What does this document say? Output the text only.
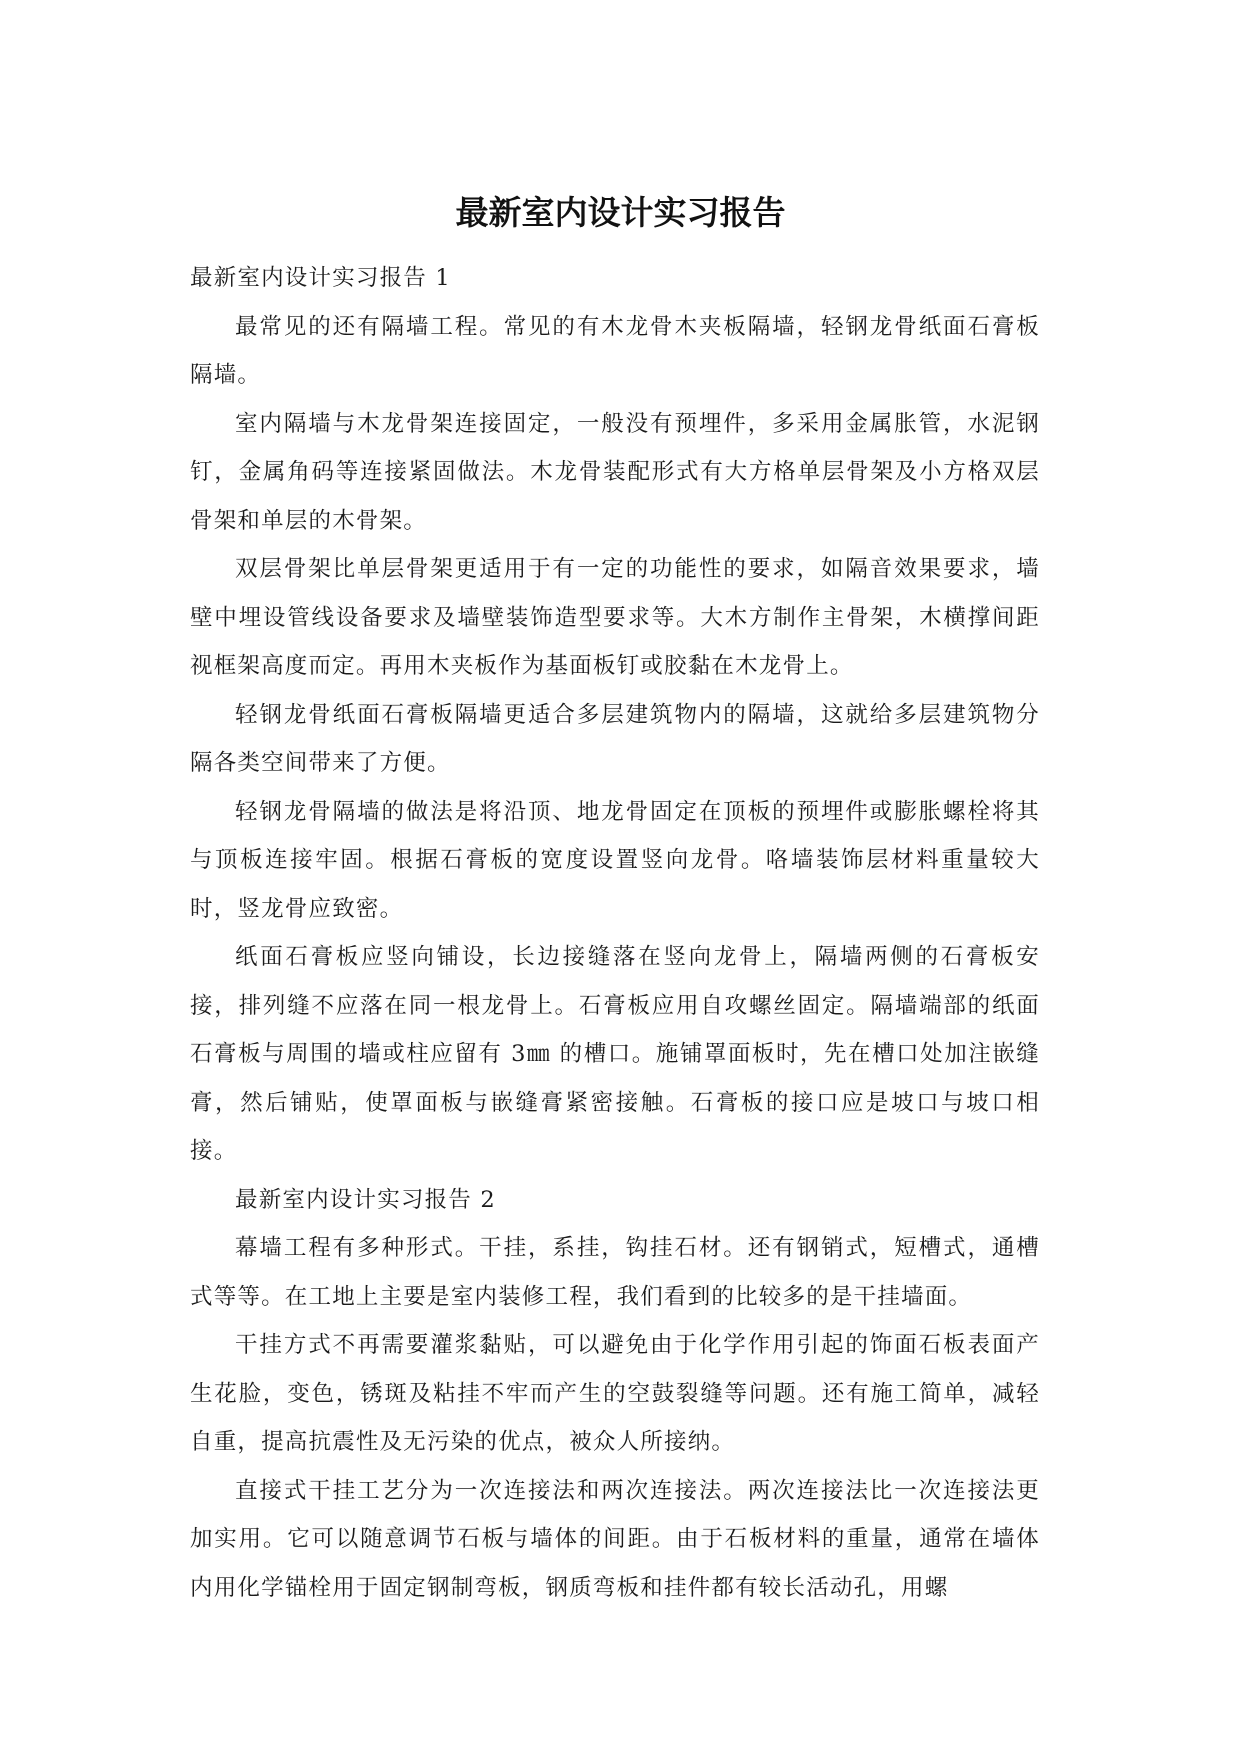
最新室内设计实习报告

最新室内设计实习报告 1

最常见的还有隔墙工程。常见的有木龙骨木夹板隔墙，轻钢龙骨纸面石膏板隔墙。

室内隔墙与木龙骨架连接固定，一般没有预埋件，多采用金属胀管，水泥钢钉，金属角码等连接紧固做法。木龙骨装配形式有大方格单层骨架及小方格双层骨架和单层的木骨架。

双层骨架比单层骨架更适用于有一定的功能性的要求，如隔音效果要求，墙壁中埋设管线设备要求及墙壁装饰造型要求等。大木方制作主骨架，木横撑间距视框架高度而定。再用木夹板作为基面板钉或胶黏在木龙骨上。

轻钢龙骨纸面石膏板隔墙更适合多层建筑物内的隔墙，这就给多层建筑物分隔各类空间带来了方便。

轻钢龙骨隔墙的做法是将沿顶、地龙骨固定在顶板的预埋件或膨胀螺栓将其与顶板连接牢固。根据石膏板的宽度设置竖向龙骨。咯墙装饰层材料重量较大时，竖龙骨应致密。

纸面石膏板应竖向铺设，长边接缝落在竖向龙骨上，隔墙两侧的石膏板安接，排列缝不应落在同一根龙骨上。石膏板应用自攻螺丝固定。隔墙端部的纸面石膏板与周围的墙或柱应留有 3㎜ 的槽口。施铺罩面板时，先在槽口处加注嵌缝膏，然后铺贴，使罩面板与嵌缝膏紧密接触。石膏板的接口应是坡口与坡口相接。

最新室内设计实习报告 2

幕墙工程有多种形式。干挂，系挂，钩挂石材。还有钢销式，短槽式，通槽式等等。在工地上主要是室内装修工程，我们看到的比较多的是干挂墙面。

干挂方式不再需要灌浆黏贴，可以避免由于化学作用引起的饰面石板表面产生花脸，变色，锈斑及粘挂不牢而产生的空鼓裂缝等问题。还有施工简单，减轻自重，提高抗震性及无污染的优点，被众人所接纳。

直接式干挂工艺分为一次连接法和两次连接法。两次连接法比一次连接法更加实用。它可以随意调节石板与墙体的间距。由于石板材料的重量，通常在墙体内用化学锚栓用于固定钢制弯板，钢质弯板和挂件都有较长活动孔，用螺
